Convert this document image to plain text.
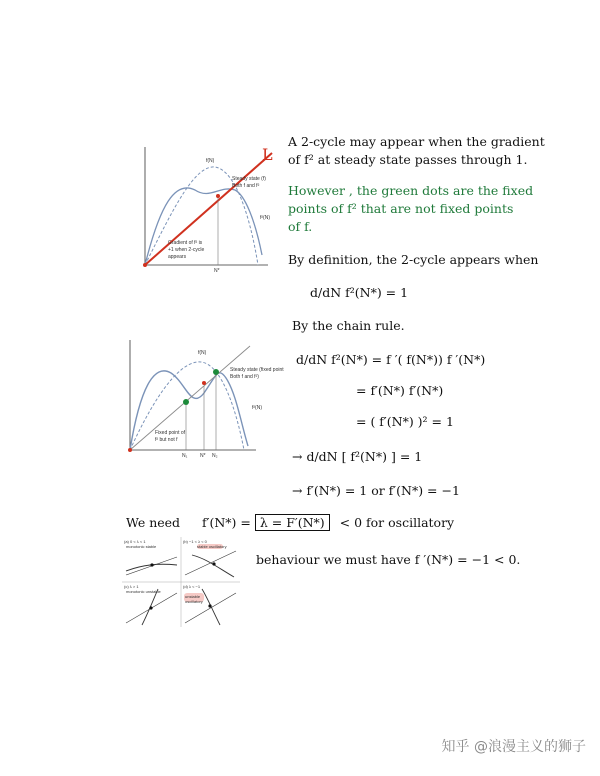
f(N)
f²(N)
Steady state (f)
Both f and f²
Gradient of f² is
+1 when 2-cycle
appears
N*
L
f(N)
f²(N)
Steady state (fixed point
Both f and f²)
Fixed point of
f² but not f
N₁	N* N₂
(a) 0 < λ < 1
monotonic stable
(b) −1 < λ < 0
stable oscillatory
(c) λ > 1
monotonic unstable
(d) λ < −1
unstable
oscillatory
A 2-cycle may appear when the gradient
of f² at steady state passes through 1.
However , the green dots are the fixed
points of f² that are not fixed points
of f.
By definition, the 2-cycle appears when
d/dN f²(N*) = 1
By the chain rule.
d/dN f²(N*) = f ′( f(N*)) f ′(N*)
= f′(N*) f′(N*)
= ( f′(N*) )² = 1
→ d/dN [ f²(N*) ] = 1
→ f′(N*) = 1 or f′(N*) = −1
We need f′(N*) = λ = F′(N*) < 0 for oscillatory
behaviour we must have f ′(N*) = −1 < 0.
知乎 @浪漫主义的狮子
